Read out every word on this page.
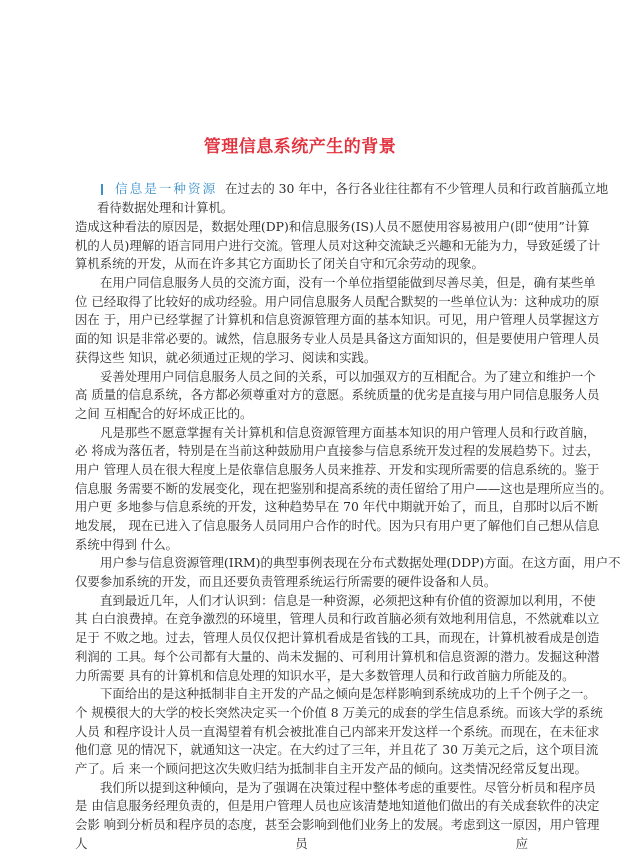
管理信息系统产生的背景
信息是一种资源 在过去的 30 年中，各行各业往往都有不少管理人员和行政首脑孤立地
看待数据处理和计算机。
造成这种看法的原因是，数据处理(DP)和信息服务(IS)人员不愿使用容易被用户(即“使用”计算
机的人员)理解的语言同用户进行交流。管理人员对这种交流缺乏兴趣和无能为力，导致延缓了计
算机系统的开发，从而在许多其它方面助长了闭关自守和冗余劳动的现象。
在用户同信息服务人员的交流方面，没有一个单位指望能做到尽善尽美，但是，确有某些单
位 已经取得了比较好的成功经验。用户同信息服务人员配合默契的一些单位认为：这种成功的原
因在 于，用户已经掌握了计算机和信息资源管理方面的基本知识。可见，用户管理人员掌握这方
面的知 识是非常必要的。诚然，信息服务专业人员是具备这方面知识的，但是要使用户管理人员
获得这些 知识，就必须通过正规的学习、阅读和实践。
妥善处理用户同信息服务人员之间的关系，可以加强双方的互相配合。为了建立和维护一个
高 质量的信息系统，各方都必须尊重对方的意愿。系统质量的优劣是直接与用户同信息服务人员
之间 互相配合的好坏成正比的。
凡是那些不愿意掌握有关计算机和信息资源管理方面基本知识的用户管理人员和行政首脑，
必 将成为落伍者，特别是在当前这种鼓励用户直接参与信息系统开发过程的发展趋势下。过去，
用户 管理人员在很大程度上是依靠信息服务人员来推荐、开发和实现所需要的信息系统的。鉴于
信息服 务需要不断的发展变化，现在把鉴别和提高系统的责任留给了用户——这也是理所应当的。
用户更 多地参与信息系统的开发，这种趋势早在 70 年代中期就开始了，而且，自那时以后不断
地发展， 现在已进入了信息服务人员同用户合作的时代。因为只有用户更了解他们自己想从信息
系统中得到 什么。
用户参与信息资源管理(IRM)的典型事例表现在分布式数据处理(DDP)方面。在这方面，用户不
仅要参加系统的开发，而且还要负责管理系统运行所需要的硬件设备和人员。
直到最近几年，人们才认识到：信息是一种资源，必须把这种有价值的资源加以利用，不使
其 白白浪费掉。在竞争激烈的环境里，管理人员和行政首脑必须有效地利用信息，不然就难以立
足于 不败之地。过去，管理人员仅仅把计算机看成是省钱的工具，而现在，计算机被看成是创造
利润的 工具。每个公司都有大量的、尚未发掘的、可利用计算机和信息资源的潜力。发掘这种潜
力所需要 具有的计算机和信息处理的知识水平，是大多数管理人员和行政首脑力所能及的。
下面给出的是这种抵制非自主开发的产品之倾向是怎样影响到系统成功的上千个例子之一。
个 规模很大的大学的校长突然决定买一个价值 8 万美元的成套的学生信息系统。而该大学的系统
人员 和程序设计人员一直渴望着有机会被批准自己内部来开发这样一个系统。而现在，在未征求
他们意 见的情况下，就通知这一决定。在大约过了三年，并且花了 30 万美元之后，这个项目流
产了。后 来一个顾问把这次失败归结为抵制非自主开发产品的倾向。这类情况经常反复出现。
我们所以提到这种倾向，是为了强调在决策过程中整体考虑的重要性。尽管分析员和程序员
是 由信息服务经理负责的，但是用户管理人员也应该清楚地知道他们做出的有关成套软件的决定
会影 响到分析员和程序员的态度，甚至会影响到他们业务上的发展。考虑到这一原因，用户管理
人 员 应
